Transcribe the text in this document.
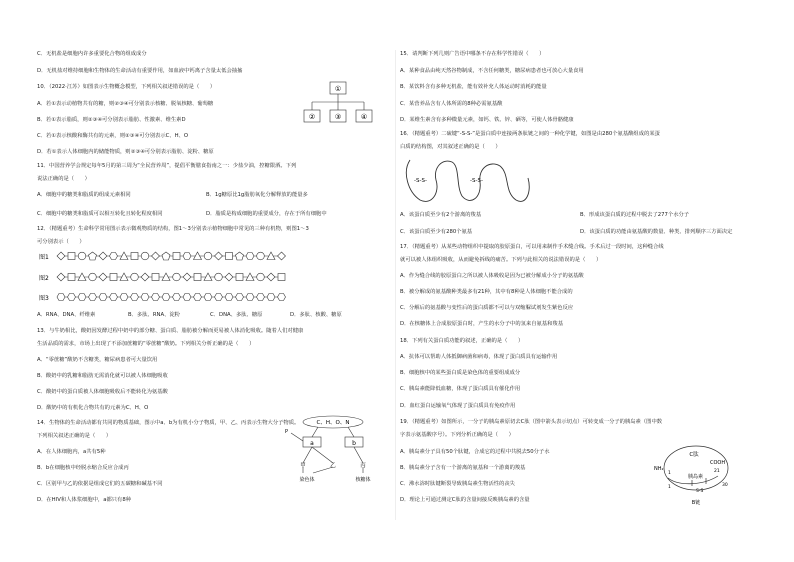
C．无机盐是细胞内许多重要化合物的组成成分
D．无机盐对维持细胞和生物体的生命活动有重要作用，如血液中钙离子含量太低会抽搐
10．（2022·江苏）如图表示生物概念模型，下列相关叙述错误的是（　　）
A．若①表示动植物共有的糖，则②③④可分别表示核糖、脱氧核糖、葡萄糖
B．若①表示脂质，则②③④可分别表示脂肪、性激素、维生素D
C．若①表示核酸和酶共有的元素，则②③④可分别表示C、H、O
D．若①表示人体细胞内的储能物质，则②③④可分别表示脂肪、淀粉、糖原
11．中国营养学会规定每年5月的第三周为“全民营养周”，提倡平衡膳食指南之一：少盐少油，控糖限酒。下列
说法正确的是（　　）
A．细胞中的糖类和脂质的组成元素相同	B．1g糖原比1g脂肪氧化分解释放的能量多
C．细胞中的糖类和脂质可以相互转化且转化程度相同	D．脂质是构成细胞的重要成分，存在于所有细胞中
12．（精题重考）生命科学常用图示表示微观物质的结构，图1～3分别表示植物细胞中常见的三种有机物，则图1～3
可分别表示（　　）
A．RNA、DNA、纤维素	B．多肽、RNA、淀粉	C．DNA、多肽、糖原	D．多肽、核酸、糖原
13．与牛奶相比，酸奶因发酵过程中奶中的部分糖、蛋白质、脂肪被分解而更易被人体消化吸收。随着人们对健康
生活品质的需求，市场上出现了不添加蔗糖的“零蔗糖”酸奶。下列相关分析正确的是（　　）
A．“零蔗糖”酸奶不含糖类，糖尿病患者可大量饮用
B．酸奶中的乳糖和脂肪无需消化就可以被人体细胞吸收
C．酸奶中的蛋白质被人体细胞吸收后不能转化为氨基酸
D．酸奶中的有机化合物共有的元素为C、H、O
14．生物体的生命活动都有共同的物质基础，图示中a、b为有机小分子物质，甲、乙、丙表示生物大分子物质。
下列相关叙述正确的是（　　）
A．在人体细胞内，a共有5种
B．b在细胞核中经脱水缩合反应合成丙
C．区别甲与乙的依据是组成它们的五碳糖和碱基不同
D．在HIV和人体浆细胞中，a都只有8种
15．请判断下列几则广告语中哪条不存在科学性错误（　　）
A．某种食品由纯天然谷物制成，不含任何糖类，糖尿病患者也可放心大量食用
B．某饮料含有多种无机盐，能有效补充人体运动时消耗的能量
C．某营养品含有人体所需的8种必需氨基酸
D．某维生素含有多种微量元素，如钙、铁、锌、硒等，可使人体骨骼健康
16．（精题重考）二硫键“-S-S-”是蛋白质中连接两条肽链之间的一种化学键，如图是由280个氨基酸组成的某蛋
白质的结构图，对其叙述正确的是（　　）
A．该蛋白质至少有2个游离的羧基	B．形成该蛋白质的过程中脱去了277个水分子
C．该蛋白质至少有280个氨基	D．该蛋白质的功能由氨基酸的数量、种类、排列顺序三方面决定
17．（精题重考）从某些动物组织中提取的胶原蛋白，可以用来制作手术缝合线。手术后过一段时间，这种缝合线
就可以被人体组织吸收，从而避免拆线的痛苦。下列与此相关的说法错误的是（　　）
A．作为缝合线的胶原蛋白之所以被人体吸收是因为已被分解成小分子的氨基酸
B．被分解成的氨基酸种类最多有21种，其中有8种是人体细胞不能合成的
C．分解后的氨基酸与变性后的蛋白质都不可以与双缩脲试剂发生紫色反应
D．在核糖体上合成胶原蛋白时，产生的水分子中的氢来自氨基和羧基
18．下列有关蛋白质功能的叙述，正确的是（　　）
A．抗体可以帮助人体抵御病菌和病毒，体现了蛋白质具有运输作用
B．细胞核中的某些蛋白质是染色体的重要组成成分
C．胰岛素能降低血糖，体现了蛋白质具有催化作用
D．血红蛋白运输氧气体现了蛋白质具有免疫作用
19．（精题重考）如图所示，一分子的胰岛素原切去C肽（图中箭头表示切点）可转变成一分子的胰岛素（图中数
字表示氨基酸序号）。下列分析正确的是（　　）
A．胰岛素分子具有50个肽键，合成它的过程中共脱去50分子水
B．胰岛素分子含有一个游离的氨基和一个游离的羧基
C．沸水浴时肽键断裂导致胰岛素生物活性的丧失
D．理论上可通过测定C肽的含量间接反映胰岛素的含量
①
②	③	④
图1
图2
图3
C、H、O、N
P
a	b
甲	乙	丙
染色体	核糖体
-S-S-	-S-S-
C肽
NH₂
COOH
1	21
胰岛素
S-S
1	30
B链
